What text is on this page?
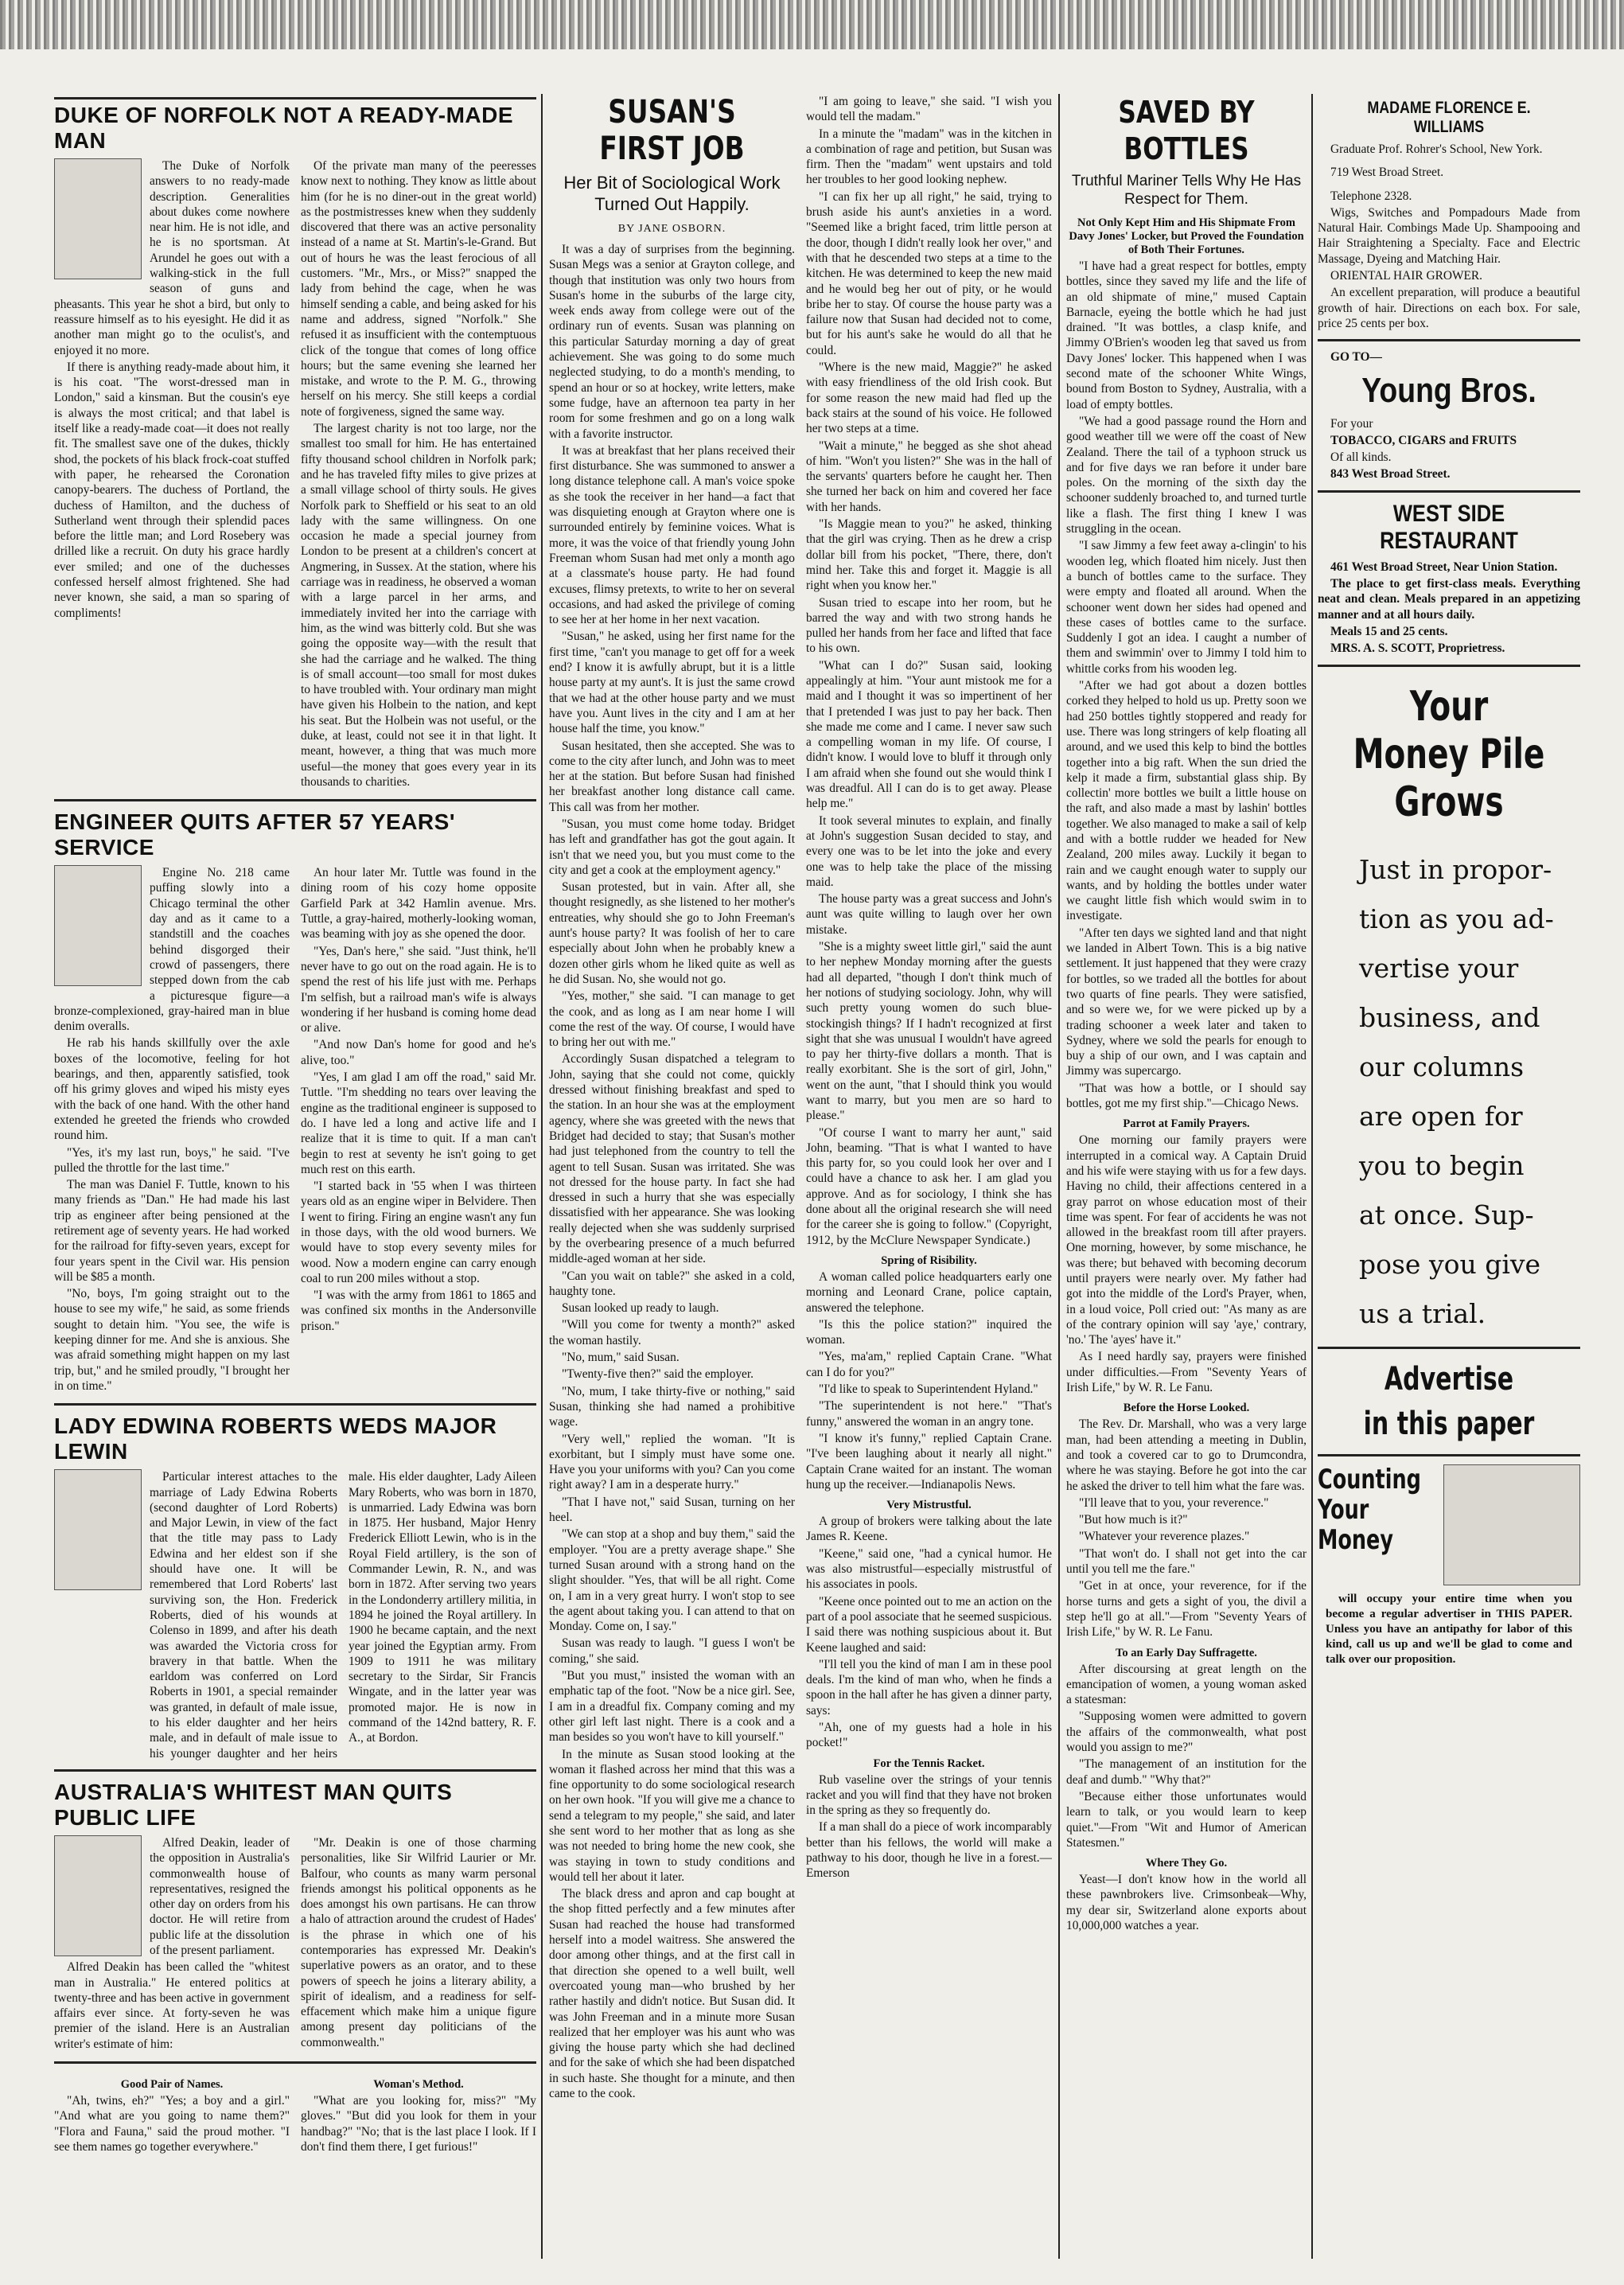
DUKE OF NORFOLK NOT A READY-MADE MAN

The Duke of Norfolk answers to no ready-made description. Generalities about dukes come nowhere near him. He is not idle, and he is no sportsman. At Arundel he goes out with a walking-stick in the full season of guns and pheasants. This year he shot a bird, but only to reassure himself as to his eyesight. He did it as another man might go to the oculist's, and enjoyed it no more.

If there is anything ready-made about him, it is his coat. "The worst-dressed man in London," said a kinsman. But the cousin's eye is always the most critical; and that label is itself like a ready-made coat—it does not really fit. The smallest save one of the dukes, thickly shod, the pockets of his black frock-coat stuffed with paper, he rehearsed the Coronation canopy-bearers. The duchess of Portland, the duchess of Hamilton, and the duchess of Sutherland went through their splendid paces before the little man; and Lord Rosebery was drilled like a recruit. On duty his grace hardly ever smiled; and one of the duchesses confessed herself almost frightened. She had never known, she said, a man so sparing of compliments!

Of the private man many of the peeresses know next to nothing. They know as little about him (for he is no diner-out in the great world) as the postmistresses knew when they suddenly discovered that there was an active personality instead of a name at St. Martin's-le-Grand. But out of hours he was the least ferocious of all customers. "Mr., Mrs., or Miss?" snapped the lady from behind the cage, when he was himself sending a cable, and being asked for his name and address, signed "Norfolk." She refused it as insufficient with the contemptuous click of the tongue that comes of long office hours; but the same evening she learned her mistake, and wrote to the P. M. G., throwing herself on his mercy. She still keeps a cordial note of forgiveness, signed the same way.

The largest charity is not too large, nor the smallest too small for him. He has entertained fifty thousand school children in Norfolk park; and he has traveled fifty miles to give prizes at a small village school of thirty souls. He gives Norfolk park to Sheffield or his seat to an old lady with the same willingness. On one occasion he made a special journey from London to be present at a children's concert at Angmering, in Sussex. At the station, where his carriage was in readiness, he observed a woman with a large parcel in her arms, and immediately invited her into the carriage with him, as the wind was bitterly cold. But she was going the opposite way—with the result that she had the carriage and he walked. The thing is of small account—too small for most dukes to have troubled with. Your ordinary man might have given his Holbein to the nation, and kept his seat. But the Holbein was not useful, or the duke, at least, could not see it in that light. It meant, however, a thing that was much more useful—the money that goes every year in its thousands to charities.

ENGINEER QUITS AFTER 57 YEARS' SERVICE

Engine No. 218 came puffing slowly into a Chicago terminal the other day and as it came to a standstill and the coaches behind disgorged their crowd of passengers, there stepped down from the cab a picturesque figure—a bronze-complexioned, gray-haired man in blue denim overalls.

He rab his hands skillfully over the axle boxes of the locomotive, feeling for hot bearings, and then, apparently satisfied, took off his grimy gloves and wiped his misty eyes with the back of one hand. With the other hand extended he greeted the friends who crowded round him.

"Yes, it's my last run, boys," he said. "I've pulled the throttle for the last time."

The man was Daniel F. Tuttle, known to his many friends as "Dan." He had made his last trip as engineer after being pensioned at the retirement age of seventy years. He had worked for the railroad for fifty-seven years, except for four years spent in the Civil war. His pension will be $85 a month.

"No, boys, I'm going straight out to the house to see my wife," he said, as some friends sought to detain him. "You see, the wife is keeping dinner for me. And she is anxious. She was afraid something might happen on my last trip, but," and he smiled proudly, "I brought her in on time."

An hour later Mr. Tuttle was found in the dining room of his cozy home opposite Garfield Park at 342 Hamlin avenue. Mrs. Tuttle, a gray-haired, motherly-looking woman, was beaming with joy as she opened the door.

"Yes, Dan's here," she said. "Just think, he'll never have to go out on the road again. He is to spend the rest of his life just with me. Perhaps I'm selfish, but a railroad man's wife is always wondering if her husband is coming home dead or alive.

"And now Dan's home for good and he's alive, too."

"Yes, I am glad I am off the road," said Mr. Tuttle. "I'm shedding no tears over leaving the engine as the traditional engineer is supposed to do. I have led a long and active life and I realize that it is time to quit. If a man can't begin to rest at seventy he isn't going to get much rest on this earth.

"I started back in '55 when I was thirteen years old as an engine wiper in Belvidere. Then I went to firing. Firing an engine wasn't any fun in those days, with the old wood burners. We would have to stop every seventy miles for wood. Now a modern engine can carry enough coal to run 200 miles without a stop.

"I was with the army from 1861 to 1865 and was confined six months in the Andersonville prison."

LADY EDWINA ROBERTS WEDS MAJOR LEWIN

Particular interest attaches to the marriage of Lady Edwina Roberts (second daughter of Lord Roberts) and Major Lewin, in view of the fact that the title may pass to Lady Edwina and her eldest son if she should have one. It will be remembered that Lord Roberts' last surviving son, the Hon. Frederick Roberts, died of his wounds at Colenso in 1899, and after his death was awarded the Victoria cross for bravery in that battle. When the earldom was conferred on Lord Roberts in 1901, a special remainder was granted, in default of male issue, to his elder daughter and her heirs male, and in default of male issue to his younger daughter and her heirs male. His elder daughter, Lady Aileen Mary Roberts, who was born in 1870, is unmarried. Lady Edwina was born in 1875. Her husband, Major Henry Frederick Elliott Lewin, who is in the Royal Field artillery, is the son of Commander Lewin, R. N., and was born in 1872. After serving two years in the Londonderry artillery militia, in 1894 he joined the Royal artillery. In 1900 he became captain, and the next year joined the Egyptian army. From 1909 to 1911 he was military secretary to the Sirdar, Sir Francis Wingate, and in the latter year was promoted major. He is now in command of the 142nd battery, R. F. A., at Bordon.

AUSTRALIA'S WHITEST MAN QUITS PUBLIC LIFE

Alfred Deakin, leader of the opposition in Australia's commonwealth house of representatives, resigned the other day on orders from his doctor. He will retire from public life at the dissolution of the present parliament.

Alfred Deakin has been called the "whitest man in Australia." He entered politics at twenty-three and has been active in government affairs ever since. At forty-seven he was premier of the island. Here is an Australian writer's estimate of him:

"Mr. Deakin is one of those charming personalities, like Sir Wilfrid Laurier or Mr. Balfour, who counts as many warm personal friends amongst his political opponents as he does amongst his own partisans. He can throw a halo of attraction around the crudest of Hades' is the phrase in which one of his contemporaries has expressed Mr. Deakin's superlative powers as an orator, and to these powers of speech he joins a literary ability, a spirit of idealism, and a readiness for self-effacement which make him a unique figure among present day politicians of the commonwealth."

Good Pair of Names.

"Ah, twins, eh?" "Yes; a boy and a girl." "And what are you going to name them?" "Flora and Fauna," said the proud mother. "I see them names go together everywhere."

Woman's Method.

"What are you looking for, miss?" "My gloves." "But did you look for them in your handbag?" "No; that is the last place I look. If I don't find them there, I get furious!"

SUSAN'S FIRST JOB
Her Bit of Sociological Work Turned Out Happily.
BY JANE OSBORN.

It was a day of surprises from the beginning. Susan Megs was a senior at Grayton college, and though that institution was only two hours from Susan's home in the suburbs of the large city, week ends away from college were out of the ordinary run of events. Susan was planning on this particular Saturday morning a day of great achievement. She was going to do some much neglected studying, to do a month's mending, to spend an hour or so at hockey, write letters, make some fudge, have an afternoon tea party in her room for some freshmen and go on a long walk with a favorite instructor.

It was at breakfast that her plans received their first disturbance. She was summoned to answer a long distance telephone call. A man's voice spoke as she took the receiver in her hand—a fact that was disquieting enough at Grayton where one is surrounded entirely by feminine voices. What is more, it was the voice of that friendly young John Freeman whom Susan had met only a month ago at a classmate's house party. He had found excuses, flimsy pretexts, to write to her on several occasions, and had asked the privilege of coming to see her at her home in her next vacation.

"Susan," he asked, using her first name for the first time, "can't you manage to get off for a week end? I know it is awfully abrupt, but it is a little house party at my aunt's. It is just the same crowd that we had at the other house party and we must have you. Aunt lives in the city and I am at her house half the time, you know."

Susan hesitated, then she accepted. She was to come to the city after lunch, and John was to meet her at the station. But before Susan had finished her breakfast another long distance call came. This call was from her mother.

"Susan, you must come home today. Bridget has left and grandfather has got the gout again. It isn't that we need you, but you must come to the city and get a cook at the employment agency."

Susan protested, but in vain. After all, she thought resignedly, as she listened to her mother's entreaties, why should she go to John Freeman's aunt's house party? It was foolish of her to care especially about John when he probably knew a dozen other girls whom he liked quite as well as he did Susan. No, she would not go.

"Yes, mother," she said. "I can manage to get the cook, and as long as I am near home I will come the rest of the way. Of course, I would have to bring her out with me."

Accordingly Susan dispatched a telegram to John, saying that she could not come, quickly dressed without finishing breakfast and sped to the station. In an hour she was at the employment agency, where she was greeted with the news that Bridget had decided to stay; that Susan's mother had just telephoned from the country to tell the agent to tell Susan. Susan was irritated. She was not dressed for the house party. In fact she had dressed in such a hurry that she was especially dissatisfied with her appearance. She was looking really dejected when she was suddenly surprised by the overbearing presence of a much befurred middle-aged woman at her side.

"Can you wait on table?" she asked in a cold, haughty tone.

Susan looked up ready to laugh.

"Will you come for twenty a month?" asked the woman hastily.

"No, mum," said Susan.

"Twenty-five then?" said the employer.

"No, mum, I take thirty-five or nothing," said Susan, thinking she had named a prohibitive wage.

"Very well," replied the woman. "It is exorbitant, but I simply must have some one. Have you your uniforms with you? Can you come right away? I am in a desperate hurry."

"That I have not," said Susan, turning on her heel.

"We can stop at a shop and buy them," said the employer. "You are a pretty average shape." She turned Susan around with a strong hand on the slight shoulder. "Yes, that will be all right. Come on, I am in a very great hurry. I won't stop to see the agent about taking you. I can attend to that on Monday. Come on, I say."

Susan was ready to laugh. "I guess I won't be coming," she said.

"But you must," insisted the woman with an emphatic tap of the foot. "Now be a nice girl. See, I am in a dreadful fix. Company coming and my other girl left last night. There is a cook and a man besides so you won't have to kill yourself."

In the minute as Susan stood looking at the woman it flashed across her mind that this was a fine opportunity to do some sociological research on her own hook. "If you will give me a chance to send a telegram to my people," she said, and later she sent word to her mother that as long as she was not needed to bring home the new cook, she was staying in town to study conditions and would tell her about it later.

The black dress and apron and cap bought at the shop fitted perfectly and a few minutes after Susan had reached the house had transformed herself into a model waitress. She answered the door among other things, and at the first call in that direction she opened to a well built, well overcoated young man—who brushed by her rather hastily and didn't notice. But Susan did. It was John Freeman and in a minute more Susan realized that her employer was his aunt who was giving the house party which she had declined and for the sake of which she had been dispatched in such haste. She thought for a minute, and then came to the cook.

"I am going to leave," she said. "I wish you would tell the madam."

In a minute the "madam" was in the kitchen in a combination of rage and petition, but Susan was firm. Then the "madam" went upstairs and told her troubles to her good looking nephew.

"I can fix her up all right," he said, trying to brush aside his aunt's anxieties in a word. "Seemed like a bright faced, trim little person at the door, though I didn't really look her over," and with that he descended two steps at a time to the kitchen. He was determined to keep the new maid and he would beg her out of pity, or he would bribe her to stay. Of course the house party was a failure now that Susan had decided not to come, but for his aunt's sake he would do all that he could.

"Where is the new maid, Maggie?" he asked with easy friendliness of the old Irish cook. But for some reason the new maid had fled up the back stairs at the sound of his voice. He followed her two steps at a time.

"Wait a minute," he begged as she shot ahead of him. "Won't you listen?" She was in the hall of the servants' quarters before he caught her. Then she turned her back on him and covered her face with her hands.

"Is Maggie mean to you?" he asked, thinking that the girl was crying. Then as he drew a crisp dollar bill from his pocket, "There, there, don't mind her. Take this and forget it. Maggie is all right when you know her."

Susan tried to escape into her room, but he barred the way and with two strong hands he pulled her hands from her face and lifted that face to his own.

"What can I do?" Susan said, looking appealingly at him. "Your aunt mistook me for a maid and I thought it was so impertinent of her that I pretended I was just to pay her back. Then she made me come and I came. I never saw such a compelling woman in my life. Of course, I didn't know. I would love to bluff it through only I am afraid when she found out she would think I was dreadful. All I can do is to get away. Please help me."

It took several minutes to explain, and finally at John's suggestion Susan decided to stay, and every one was to be let into the joke and every one was to help take the place of the missing maid.

The house party was a great success and John's aunt was quite willing to laugh over her own mistake.

"She is a mighty sweet little girl," said the aunt to her nephew Monday morning after the guests had all departed, "though I don't think much of her notions of studying sociology. John, why will such pretty young women do such blue-stockingish things? If I hadn't recognized at first sight that she was unusual I wouldn't have agreed to pay her thirty-five dollars a month. That is really exorbitant. She is the sort of girl, John," went on the aunt, "that I should think you would want to marry, but you men are so hard to please."

"Of course I want to marry her aunt," said John, beaming. "That is what I wanted to have this party for, so you could look her over and I could have a chance to ask her. I am glad you approve. And as for sociology, I think she has done about all the original research she will need for the career she is going to follow." (Copyright, 1912, by the McClure Newspaper Syndicate.)

Spring of Risibility.

A woman called police headquarters early one morning and Leonard Crane, police captain, answered the telephone.

"Is this the police station?" inquired the woman.

"Yes, ma'am," replied Captain Crane. "What can I do for you?"

"I'd like to speak to Superintendent Hyland."

"The superintendent is not here." "That's funny," answered the woman in an angry tone.

"I know it's funny," replied Captain Crane. "I've been laughing about it nearly all night." Captain Crane waited for an instant. The woman hung up the receiver.—Indianapolis News.

Very Mistrustful.

A group of brokers were talking about the late James R. Keene.

"Keene," said one, "had a cynical humor. He was also mistrustful—especially mistrustful of his associates in pools.

"Keene once pointed out to me an action on the part of a pool associate that he seemed suspicious. I said there was nothing suspicious about it. But Keene laughed and said:

"I'll tell you the kind of man I am in these pool deals. I'm the kind of man who, when he finds a spoon in the hall after he has given a dinner party, says:

"Ah, one of my guests had a hole in his pocket!"

For the Tennis Racket.

Rub vaseline over the strings of your tennis racket and you will find that they have not broken in the spring as they so frequently do.

If a man shall do a piece of work incomparably better than his fellows, the world will make a pathway to his door, though he live in a forest.—Emerson

SAVED BY BOTTLES
Truthful Mariner Tells Why He Has Respect for Them.
Not Only Kept Him and His Shipmate From Davy Jones' Locker, but Proved the Foundation of Both Their Fortunes.

"I have had a great respect for bottles, empty bottles, since they saved my life and the life of an old shipmate of mine," mused Captain Barnacle, eyeing the bottle which he had just drained. "It was bottles, a clasp knife, and Jimmy O'Brien's wooden leg that saved us from Davy Jones' locker. This happened when I was second mate of the schooner White Wings, bound from Boston to Sydney, Australia, with a load of empty bottles.

"We had a good passage round the Horn and good weather till we were off the coast of New Zealand. There the tail of a typhoon struck us and for five days we ran before it under bare poles. On the morning of the sixth day the schooner suddenly broached to, and turned turtle like a flash. The first thing I knew I was struggling in the ocean.

"I saw Jimmy a few feet away a-clingin' to his wooden leg, which floated him nicely. Just then a bunch of bottles came to the surface. They were empty and floated all around. When the schooner went down her sides had opened and these cases of bottles came to the surface. Suddenly I got an idea. I caught a number of them and swimmin' over to Jimmy I told him to whittle corks from his wooden leg.

"After we had got about a dozen bottles corked they helped to hold us up. Pretty soon we had 250 bottles tightly stoppered and ready for use. There was long stringers of kelp floating all around, and we used this kelp to bind the bottles together into a big raft. When the sun dried the kelp it made a firm, substantial glass ship. By collectin' more bottles we built a little house on the raft, and also made a mast by lashin' bottles together. We also managed to make a sail of kelp and with a bottle rudder we headed for New Zealand, 200 miles away. Luckily it began to rain and we caught enough water to supply our wants, and by holding the bottles under water we caught little fish which would swim in to investigate.

"After ten days we sighted land and that night we landed in Albert Town. This is a big native settlement. It just happened that they were crazy for bottles, so we traded all the bottles for about two quarts of fine pearls. They were satisfied, and so were we, for we were picked up by a trading schooner a week later and taken to Sydney, where we sold the pearls for enough to buy a ship of our own, and I was captain and Jimmy was supercargo.

"That was how a bottle, or I should say bottles, got me my first ship."—Chicago News.

Parrot at Family Prayers.

One morning our family prayers were interrupted in a comical way. A Captain Druid and his wife were staying with us for a few days. Having no child, their affections centered in a gray parrot on whose education most of their time was spent. For fear of accidents he was not allowed in the breakfast room till after prayers. One morning, however, by some mischance, he was there; but behaved with becoming decorum until prayers were nearly over. My father had got into the middle of the Lord's Prayer, when, in a loud voice, Poll cried out: "As many as are of the contrary opinion will say 'aye,' contrary, 'no.' The 'ayes' have it."

As I need hardly say, prayers were finished under difficulties.—From "Seventy Years of Irish Life," by W. R. Le Fanu.

Before the Horse Looked.

The Rev. Dr. Marshall, who was a very large man, had been attending a meeting in Dublin, and took a covered car to go to Drumcondra, where he was staying. Before he got into the car he asked the driver to tell him what the fare was.

"I'll leave that to you, your reverence."

"But how much is it?"

"Whatever your reverence plazes."

"That won't do. I shall not get into the car until you tell me the fare."

"Get in at once, your reverence, for if the horse turns and gets a sight of you, the divil a step he'll go at all."—From "Seventy Years of Irish Life," by W. R. Le Fanu.

To an Early Day Suffragette.

After discoursing at great length on the emancipation of women, a young woman asked a statesman:

"Supposing women were admitted to govern the affairs of the commonwealth, what post would you assign to me?"

"The management of an institution for the deaf and dumb." "Why that?"

"Because either those unfortunates would learn to talk, or you would learn to keep quiet."—From "Wit and Humor of American Statesmen."

Where They Go.

Yeast—I don't know how in the world all these pawnbrokers live. Crimsonbeak—Why, my dear sir, Switzerland alone exports about 10,000,000 watches a year.

MADAME FLORENCE E. WILLIAMS

Graduate Prof. Rohrer's School, New York.

719 West Broad Street.

Telephone 2328.

Wigs, Switches and Pompadours Made from Natural Hair. Combings Made Up. Shampooing and Hair Straightening a Specialty. Face and Electric Massage, Dyeing and Matching Hair.

ORIENTAL HAIR GROWER.

An excellent preparation, will produce a beautiful growth of hair. Directions on each box. For sale, price 25 cents per box.

GO TO—

Young Bros.

For your

TOBACCO, CIGARS and FRUITS

Of all kinds.

843 West Broad Street.

WEST SIDE RESTAURANT

461 West Broad Street, Near Union Station.

The place to get first-class meals. Everything neat and clean. Meals prepared in an appetizing manner and at all hours daily.

Meals 15 and 25 cents.

MRS. A. S. SCOTT, Proprietress.

Your Money Pile Grows
Just in propor-
tion as you ad-
vertise your
business, and
our columns
are open for
you to begin
at once. Sup-
pose you give
us a trial.
Advertise
in this paper
Counting Your Money

will occupy your entire time when you become a regular advertiser in THIS PAPER. Unless you have an antipathy for labor of this kind, call us up and we'll be glad to come and talk over our proposition.
